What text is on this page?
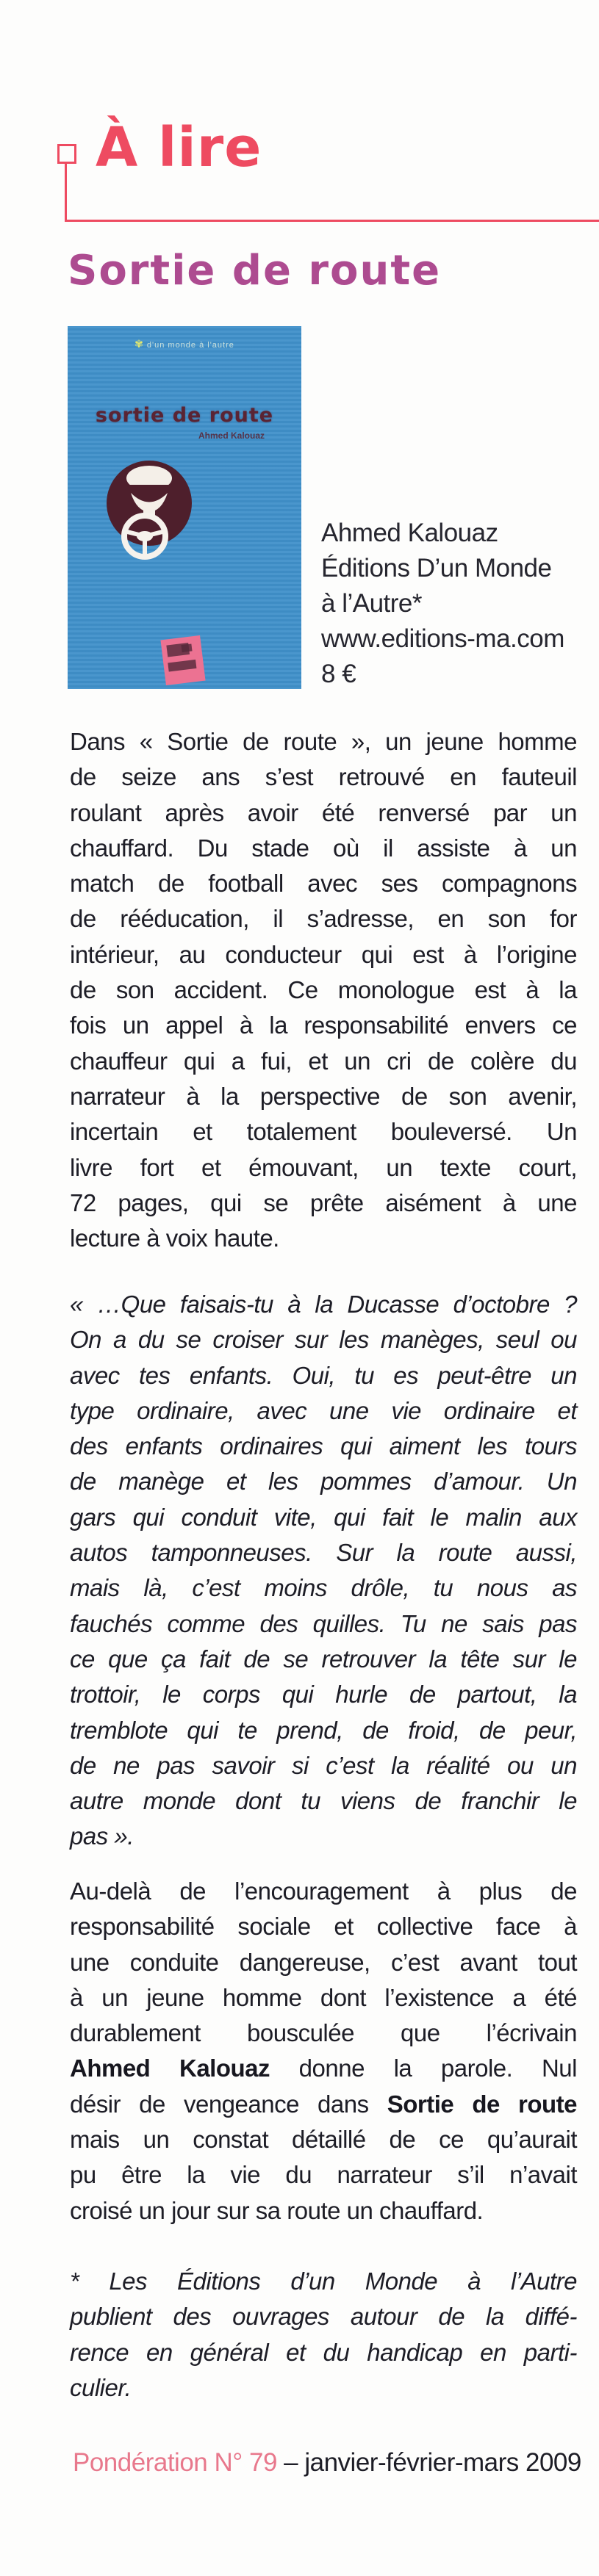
À lire
Sortie de route
✾ d'un monde à l'autre
sortie de route
Ahmed Kalouaz
Ahmed Kalouaz
Éditions D’un Monde
à l’Autre*
www.editions-ma.com
8 €
Dans « Sortie de route », un jeune homme
de seize ans s’est retrouvé en fauteuil
roulant après avoir été renversé par un
chauffard. Du stade où il assiste à un
match de football avec ses compagnons
de rééducation, il s’adresse, en son for
intérieur, au conducteur qui est à l’origine
de son accident. Ce monologue est à la
fois un appel à la responsabilité envers ce
chauffeur qui a fui, et un cri de colère du
narrateur à la perspective de son avenir,
incertain et totalement bouleversé. Un
livre fort et émouvant, un texte court,
72 pages, qui se prête aisément à une
lecture à voix haute.
« …Que faisais-tu à la Ducasse d’octobre ?
On a du se croiser sur les manèges, seul ou
avec tes enfants. Oui, tu es peut-être un
type ordinaire, avec une vie ordinaire et
des enfants ordinaires qui aiment les tours
de manège et les pommes d’amour. Un
gars qui conduit vite, qui fait le malin aux
autos tamponneuses. Sur la route aussi,
mais là, c’est moins drôle, tu nous as
fauchés comme des quilles. Tu ne sais pas
ce que ça fait de se retrouver la tête sur le
trottoir, le corps qui hurle de partout, la
tremblote qui te prend, de froid, de peur,
de ne pas savoir si c’est la réalité ou un
autre monde dont tu viens de franchir le
pas ».
Au-delà de l’encouragement à plus de
responsabilité sociale et collective face à
une conduite dangereuse, c’est avant tout
à un jeune homme dont l’existence a été
durablement bousculée que l’écrivain
Ahmed Kalouaz donne la parole. Nul
désir de vengeance dans Sortie de route
mais un constat détaillé de ce qu’aurait
pu être la vie du narrateur s’il n’avait
croisé un jour sur sa route un chauffard.
* Les Éditions d’un Monde à l’Autre
publient des ouvrages autour de la diffé-
rence en général et du handicap en parti-
culier.
Pondération N° 79 – janvier-février-mars 2009
